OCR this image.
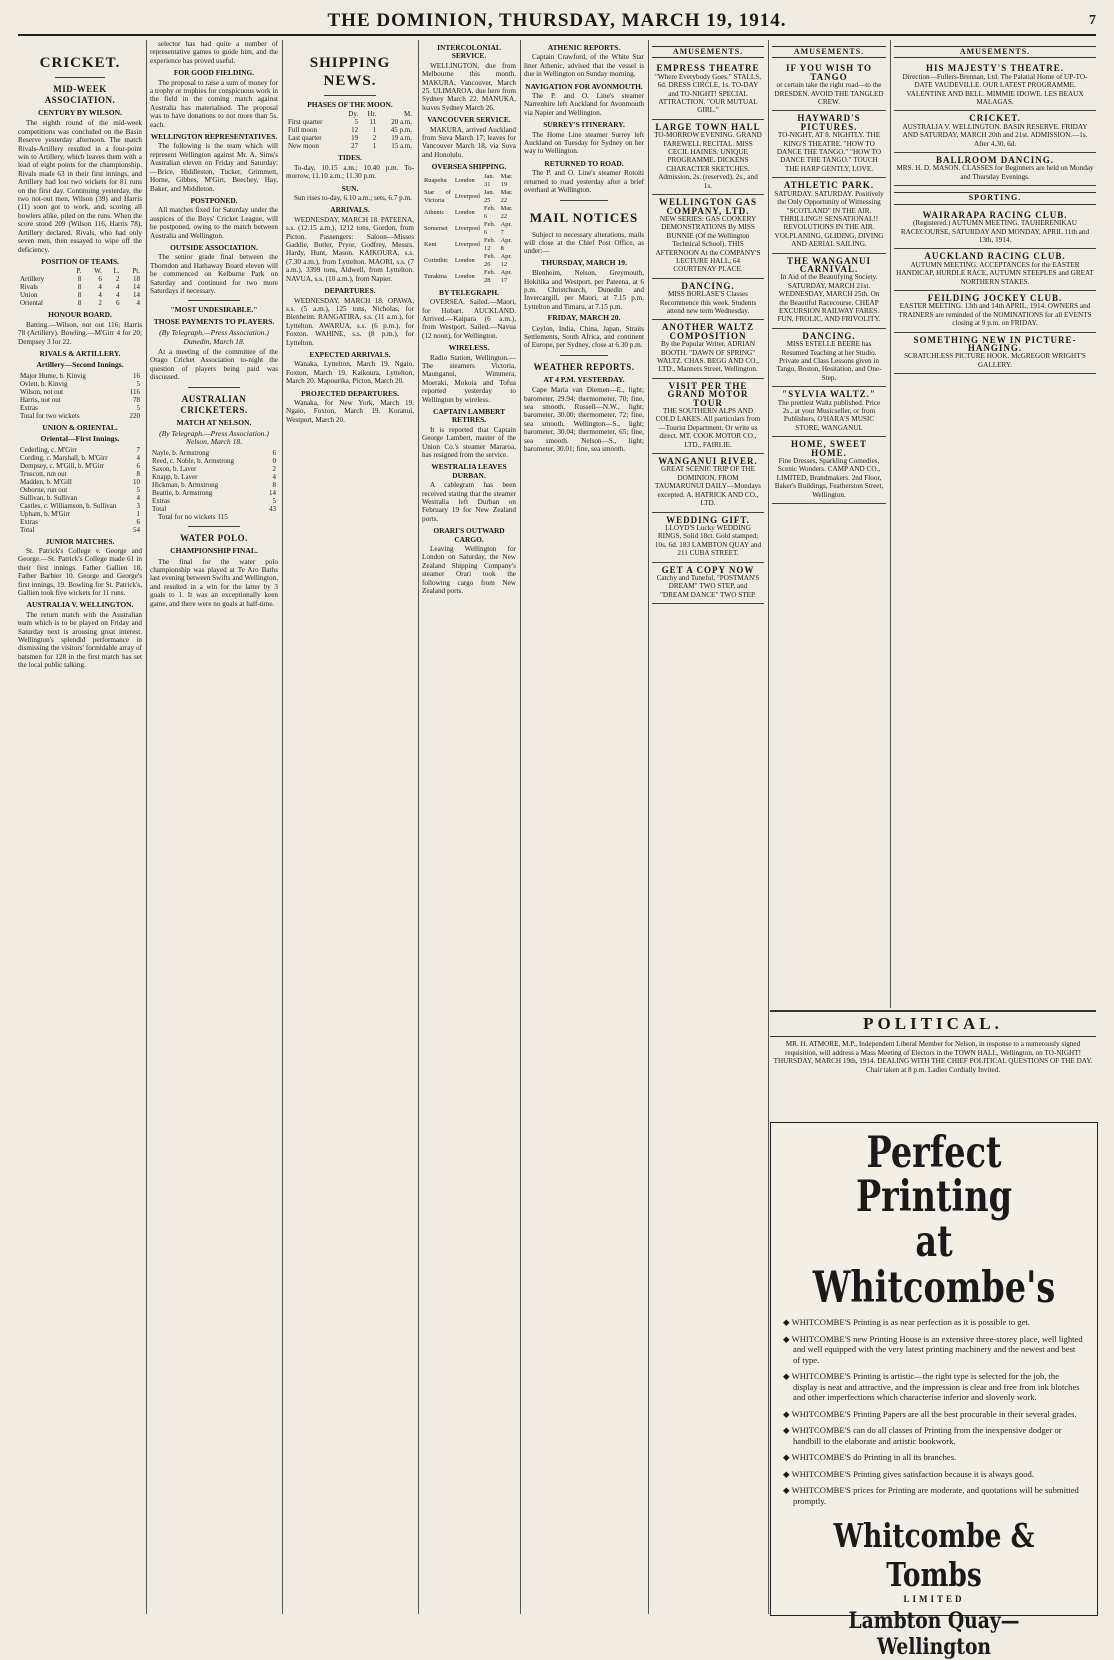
THE DOMINION, THURSDAY, MARCH 19, 1914.	7
CRICKET.
MID-WEEK ASSOCIATION.
CENTURY BY WILSON.

The eighth round of the mid-week competitions was concluded on the Basin Reserve yesterday afternoon. The match Rivals-Artillery resulted in a four-point win to Artillery, which leaves them with a lead of eight points for the championship. Rivals made 63 in their first innings, and Artillery had lost two wickets for 81 runs on the first day. Continuing yesterday, the two not-out men, Wilson (39) and Harris (11) soon got to work, and, scoring all bowlers alike, piled on the runs. When the score stood 209 (Wilson 116, Harris 78), Artillery declared. Rivals, who had only seven men, then essayed to wipe off the deficiency.

POSITION OF TEAMS.
	P.	W.	L.	Pt.
Artillery	8	6	2	18
Rivals	8	4	4	14
Union	8	4	4	14
Oriental	8	2	6	4
HONOUR BOARD.

Batting.—Wilson, not out 116; Harris 78 (Artillery). Bowling.—M'Girr 4 for 20; Dempsey 3 for 22.

RIVALS & ARTILLERY.
Artillery—Second Innings.
Major Hume, b. Kinvig	16
Ovlett, b. Kinvig	5
Wilson, not out	116
Harris, not out	78
Extras	5
Total for two wickets	220
UNION & ORIENTAL.
Oriental—First Innings.
Cederling, c. M'Girr	7
Cording, c. Marshall, b. M'Girr	4
Dempsey, c. M'Gill, b. M'Girr	6
Truscott, run out	8
Madden, b. M'Gill	10
Osborne, run out	5
Sullivan, b. Sullivan	4
Castles, c. Williamson, b. Sullivan	3
Upham, b. M'Girr	1
Extras	6
Total	54
JUNIOR MATCHES.

St. Patrick's College v. George and George.—St. Patrick's College made 61 in their first innings. Father Gallien 18, Father Barbier 10. George and George's first innings, 19. Bowling for St. Patrick's, Gallien took five wickets for 11 runs.

AUSTRALIA V. WELLINGTON.

The return match with the Australian team which is to be played on Friday and Saturday next is arousing great interest. Wellington's splendid performance in dismissing the visitors' formidable array of batsmen for 128 in the first match has set the local public talking.

selector has had quite a number of representative games to guide him, and the experience has proved useful.

FOR GOOD FIELDING.

The proposal to raise a sum of money for a trophy or trophies for conspicuous work in the field in the coming match against Australia has materialised. The proposal was to have donations to not more than 5s. each.

WELLINGTON REPRESENTATIVES.

The following is the team which will represent Wellington against Mr. A. Sims's Australian eleven on Friday and Saturday:—Brice, Hiddleston, Tucker, Grimmett, Horne, Gibbes, M'Girr, Beechey, Hay, Baker, and Middleton.

POSTPONED.

All matches fixed for Saturday under the auspices of the Boys' Cricket League, will be postponed, owing to the match between Australia and Wellington.

OUTSIDE ASSOCIATION.

The senior grade final between the Thorndon and Hathaway Board eleven will be commenced on Kelburne Park on Saturday and continued for two more Saturdays if necessary.

"MOST UNDESIRABLE."
THOSE PAYMENTS TO PLAYERS.
(By Telegraph.—Press Association.) Dunedin, March 18.

At a meeting of the committee of the Otago Cricket Association to-night the question of players being paid was discussed.

AUSTRALIAN CRICKETERS.
MATCH AT NELSON.
(By Telegraph.—Press Association.) Nelson, March 18.
Nayle, b. Armstrong	6
Reed, c. Noble, b. Armstrong	0
Saxon, b. Laver	2
Knapp, b. Laver	4
Hickman, b. Armstrong	8
Beattie, b. Armstrong	14
Extras	5
Total	43

Total for no wickets 115

WATER POLO.
CHAMPIONSHIP FINAL.

The final for the water polo championship was played at Te Aro Baths last evening between Swifts and Wellington, and resulted in a win for the latter by 3 goals to 1. It was an exceptionally keen game, and there were no goals at half-time.

SHIPPING NEWS.
PHASES OF THE MOON.
	Dy.	Hr.	M.
First quarter	5	11	20 a.m.
Full moon	12	1	45 p.m.
Last quarter	19	2	19 a.m.
New moon	27	1	15 a.m.
TIDES.

To-day, 10.15 a.m.; 10.40 p.m. To-morrow, 11.10 a.m.; 11.30 p.m.

SUN.

Sun rises to-day, 6.10 a.m.; sets, 6.7 p.m.

ARRIVALS.

WEDNESDAY, MARCH 18. PATEENA, s.s. (12.15 a.m.), 1212 tons, Gordon, from Picton. Passengers: Saloon—Misses Gaddie, Butler, Pryor, Godfrey, Messrs. Hardy, Hunt, Mason. KAIKOURA, s.s. (7.30 a.m.), from Lyttelton. MAORI, s.s. (7 a.m.), 3399 tons, Aldwell, from Lyttelton. NAVUA, s.s. (10 a.m.), from Napier.

DEPARTURES.

WEDNESDAY, MARCH 18. OPAWA, s.s. (5 a.m.), 125 tons, Nicholas, for Blenheim. RANGATIRA, s.s. (11 a.m.), for Lyttelton. AWARUA, s.s. (6 p.m.), for Foxton. WAHINE, s.s. (8 p.m.), for Lyttelton.

EXPECTED ARRIVALS.

Wanaka, Lyttelton, March 19. Ngaio, Foxton, March 19. Kaikoura, Lyttelton, March 20. Mapourika, Picton, March 20.

PROJECTED DEPARTURES.

Wanaka, for New York, March 19. Ngaio, Foxton, March 19. Koranui, Westport, March 20.

INTERCOLONIAL SERVICE.

WELLINGTON, due from Melbourne this month. MAKURA, Vancouver, March 25. ULIMAROA, due here from Sydney March 22. MANUKA, leaves Sydney March 26.

VANCOUVER SERVICE.

MAKURA, arrived Auckland from Suva March 17; leaves for Vancouver March 18, via Suva and Honolulu.

OVERSEA SHIPPING.
Ruapehu	London	Jan. 31	Mar. 19
Star of Victoria	Liverpool	Jan. 25	Mar. 22
Athenic	London	Feb. 6	Mar. 22
Somerset	Liverpool	Feb. 6	Apr. 7
Kent	Liverpool	Feb. 12	Apr. 8
Corinthic	London	Feb. 26	Apr. 12
Turakina	London	Feb. 28	Apr. 17
BY TELEGRAPH.

OVERSEA. Sailed.—Maori, for Hobart. AUCKLAND. Arrived.—Kaipara (6 a.m.), from Westport. Sailed.—Navua (12 noon), for Wellington.

WIRELESS.

Radio Station, Wellington.—The steamers Victoria, Maunganui, Wimmera, Moeraki, Mokoia and Tofua reported yesterday to Wellington by wireless.

CAPTAIN LAMBERT RETIRES.

It is reported that Captain George Lambert, master of the Union Co.'s steamer Mararoa, has resigned from the service.

WESTRALIA LEAVES DURBAN.

A cablegram has been received stating that the steamer Westralia left Durban on February 19 for New Zealand ports.

ORARI'S OUTWARD CARGO.

Leaving Wellington for London on Saturday, the New Zealand Shipping Company's steamer Orari took the following cargo from New Zealand ports.

ATHENIC REPORTS.

Captain Crawford, of the White Star liner Athenic, advised that the vessel is due in Wellington on Sunday morning.

NAVIGATION FOR AVONMOUTH.

The P. and O. Line's steamer Narrenhire left Auckland for Avonmouth via Napier and Wellington.

SURREY'S ITINERARY.

The Home Line steamer Surrey left Auckland on Tuesday for Sydney on her way to Wellington.

RETURNED TO ROAD.

The P. and O. Line's steamer Rotoiti returned to road yesterday after a brief overhaul at Wellington.

MAIL NOTICES

Subject to necessary alterations, mails will close at the Chief Post Office, as under:—

THURSDAY, MARCH 19.

Blenheim, Nelson, Greymouth, Hokitika and Westport, per Pateena, at 6 p.m. Christchurch, Dunedin and Invercargill, per Maori, at 7.15 p.m. Lyttelton and Timaru, at 7.15 p.m.

FRIDAY, MARCH 20.

Ceylon, India, China, Japan, Straits Settlements, South Africa, and continent of Europe, per Sydney, close at 6.30 p.m.

WEATHER REPORTS.
AT 4 P.M. YESTERDAY.

Cape Maria van Diemen—E., light; barometer, 29.94; thermometer, 70; fine, sea smooth. Russell—N.W., light; barometer, 30.00; thermometer, 72; fine, sea smooth. Wellington—S., light; barometer, 30.04; thermometer, 65; fine, sea smooth. Nelson—S., light; barometer, 30.01; fine, sea smooth.

AMUSEMENTS.
EMPRESS THEATRE
"Where Everybody Goes." STALLS, 6d. DRESS CIRCLE, 1s. TO-DAY and TO-NIGHT! SPECIAL ATTRACTION. "OUR MUTUAL GIRL."
LARGE TOWN HALL
TO-MORROW EVENING. GRAND FAREWELL RECITAL. MISS CECIL HAINES. UNIQUE PROGRAMME. DICKENS CHARACTER SKETCHES. Admission, 2s. (reserved), 2s., and 1s.
WELLINGTON GAS COMPANY, LTD.
NEW SERIES: GAS COOKERY DEMONSTRATIONS By MISS BUNNIE (Of the Wellington Technical School). THIS AFTERNOON At the COMPANY'S LECTURE HALL, 64 COURTENAY PLACE.
DANCING.
MISS BORLASE'S Classes Recommence this week. Students attend new term Wednesday.
ANOTHER WALTZ COMPOSITION
By the Popular Writer, ADRIAN BOOTH. "DAWN OF SPRING" WALTZ. CHAS. BEGG AND CO., LTD., Manners Street, Wellington.
VISIT PER THE GRAND MOTOR TOUR
THE SOUTHERN ALPS AND COLD LAKES. All particulars from—Tourist Department. Or write us direct. MT. COOK MOTOR CO., LTD., FAIRLIE.
WANGANUI RIVER.
GREAT SCENIC TRIP OF THE DOMINION. FROM TAUMARUNUI DAILY—Mondays excepted. A. HATRICK AND CO., LTD.
WEDDING GIFT.
LLOYD'S Lucky WEDDING RINGS, Solid 18ct. Gold stamped; 10s. 6d. 183 LAMBTON QUAY and 211 CUBA STREET.
GET A COPY NOW
Catchy and Tuneful, "POSTMAN'S DREAM" TWO STEP, and "DREAM DANCE" TWO STEP.
AMUSEMENTS.
IF YOU WISH TO TANGO
or certain take the right road—to the DRESDEN. AVOID THE TANGLED CREW.
HAYWARD'S PICTURES.
TO-NIGHT, AT 8. NIGHTLY. THE KING'S THEATRE. "HOW TO DANCE THE TANGO." "HOW TO DANCE THE TANGO." TOUCH THE HARP GENTLY, LOVE.
ATHLETIC PARK.
SATURDAY. SATURDAY. Positively the Only Opportunity of Witnessing "SCOTLAND" IN THE AIR. THRILLING!! SENSATIONAL!! REVOLUTIONS IN THE AIR. VOLPLANING, GLIDING, DIVING AND AERIAL SAILING.
THE WANGANUI CARNIVAL.
In Aid of the Beautifying Society. SATURDAY, MARCH 21st. WEDNESDAY, MARCH 25th. On the Beautiful Racecourse. CHEAP EXCURSION RAILWAY FARES. FUN, FROLIC, AND FRIVOLITY.
DANCING.
MISS ESTELLE BEERE has Resumed Teaching at her Studio. Private and Class Lessons given in Tango, Boston, Hesitation, and One-Step.
"SYLVIA WALTZ."
The prettiest Waltz published. Price 2s., at your Musicseller, or from Publishers, O'HARA'S MUSIC STORE, WANGANUI.
HOME, SWEET HOME.
Fine Dresses, Sparkling Comedies, Scenic Wonders. CAMP AND CO., LIMITED, Brandmakers. 2nd Floor, Baker's Buildings, Featherston Street, Wellington.
AMUSEMENTS.
HIS MAJESTY'S THEATRE.
Direction—Fullers-Brennan, Ltd. The Palatial Home of UP-TO-DATE VAUDEVILLE. OUR LATEST PROGRAMME. VALENTINE AND BELL. MIMMIE IDOWE. LES BEAUX MALAGAS.
CRICKET.
AUSTRALIA V. WELLINGTON. BASIN RESERVE. FRIDAY AND SATURDAY, MARCH 20th and 21st. ADMISSION.—1s. After 4.30, 6d.
BALLROOM DANCING.
MRS. H. D. MASON. CLASSES for Beginners are held on Monday and Thursday Evenings.
SPORTING.
WAIRARAPA RACING CLUB.
(Registered.) AUTUMN MEETING. TAUHERENIKAU RACECOURSE, SATURDAY AND MONDAY, APRIL 11th and 13th, 1914.
AUCKLAND RACING CLUB.
AUTUMN MEETING. ACCEPTANCES for the EASTER HANDICAP, HURDLE RACE, AUTUMN STEEPLES and GREAT NORTHERN STAKES.
FEILDING JOCKEY CLUB.
EASTER MEETING. 13th and 14th APRIL, 1914. OWNERS and TRAINERS are reminded of the NOMINATIONS for all EVENTS closing at 9 p.m. on FRIDAY.
SOMETHING NEW IN PICTURE-HANGING.
SCRATCHLESS PICTURE HOOK. McGREGOR WRIGHT'S GALLERY.
POLITICAL.
MR. H. ATMORE, M.P., Independent Liberal Member for Nelson, in response to a numerously signed requisition, will address a Mass Meeting of Electors in the TOWN HALL, Wellington, on TO-NIGHT! THURSDAY, MARCH 19th, 1914. DEALING WITH THE CHIEF POLITICAL QUESTIONS OF THE DAY. Chair taken at 8 p.m. Ladies Cordially Invited.
Perfect Printing
at Whitcombe's
◆ WHITCOMBE'S Printing is as near perfection as it is possible to get.
◆ WHITCOMBE'S new Printing House is an extensive three-storey place, well lighted and well equipped with the very latest printing machinery and the newest and best of type.
◆ WHITCOMBE'S Printing is artistic—the right type is selected for the job, the display is neat and attractive, and the impression is clear and free from ink blotches and other imperfections which characterise inferior and slovenly work.
◆ WHITCOMBE'S Printing Papers are all the best procurable in their several grades.
◆ WHITCOMBE'S can do all classes of Printing from the inexpensive dodger or handbill to the elaborate and artistic bookwork.
◆ WHITCOMBE'S do Printing in all its branches.
◆ WHITCOMBE'S Printing gives satisfaction because it is always good.
◆ WHITCOMBE'S prices for Printing are moderate, and quotations will be submitted promptly.
Whitcombe & Tombs
LIMITED
Lambton Quay—Wellington
